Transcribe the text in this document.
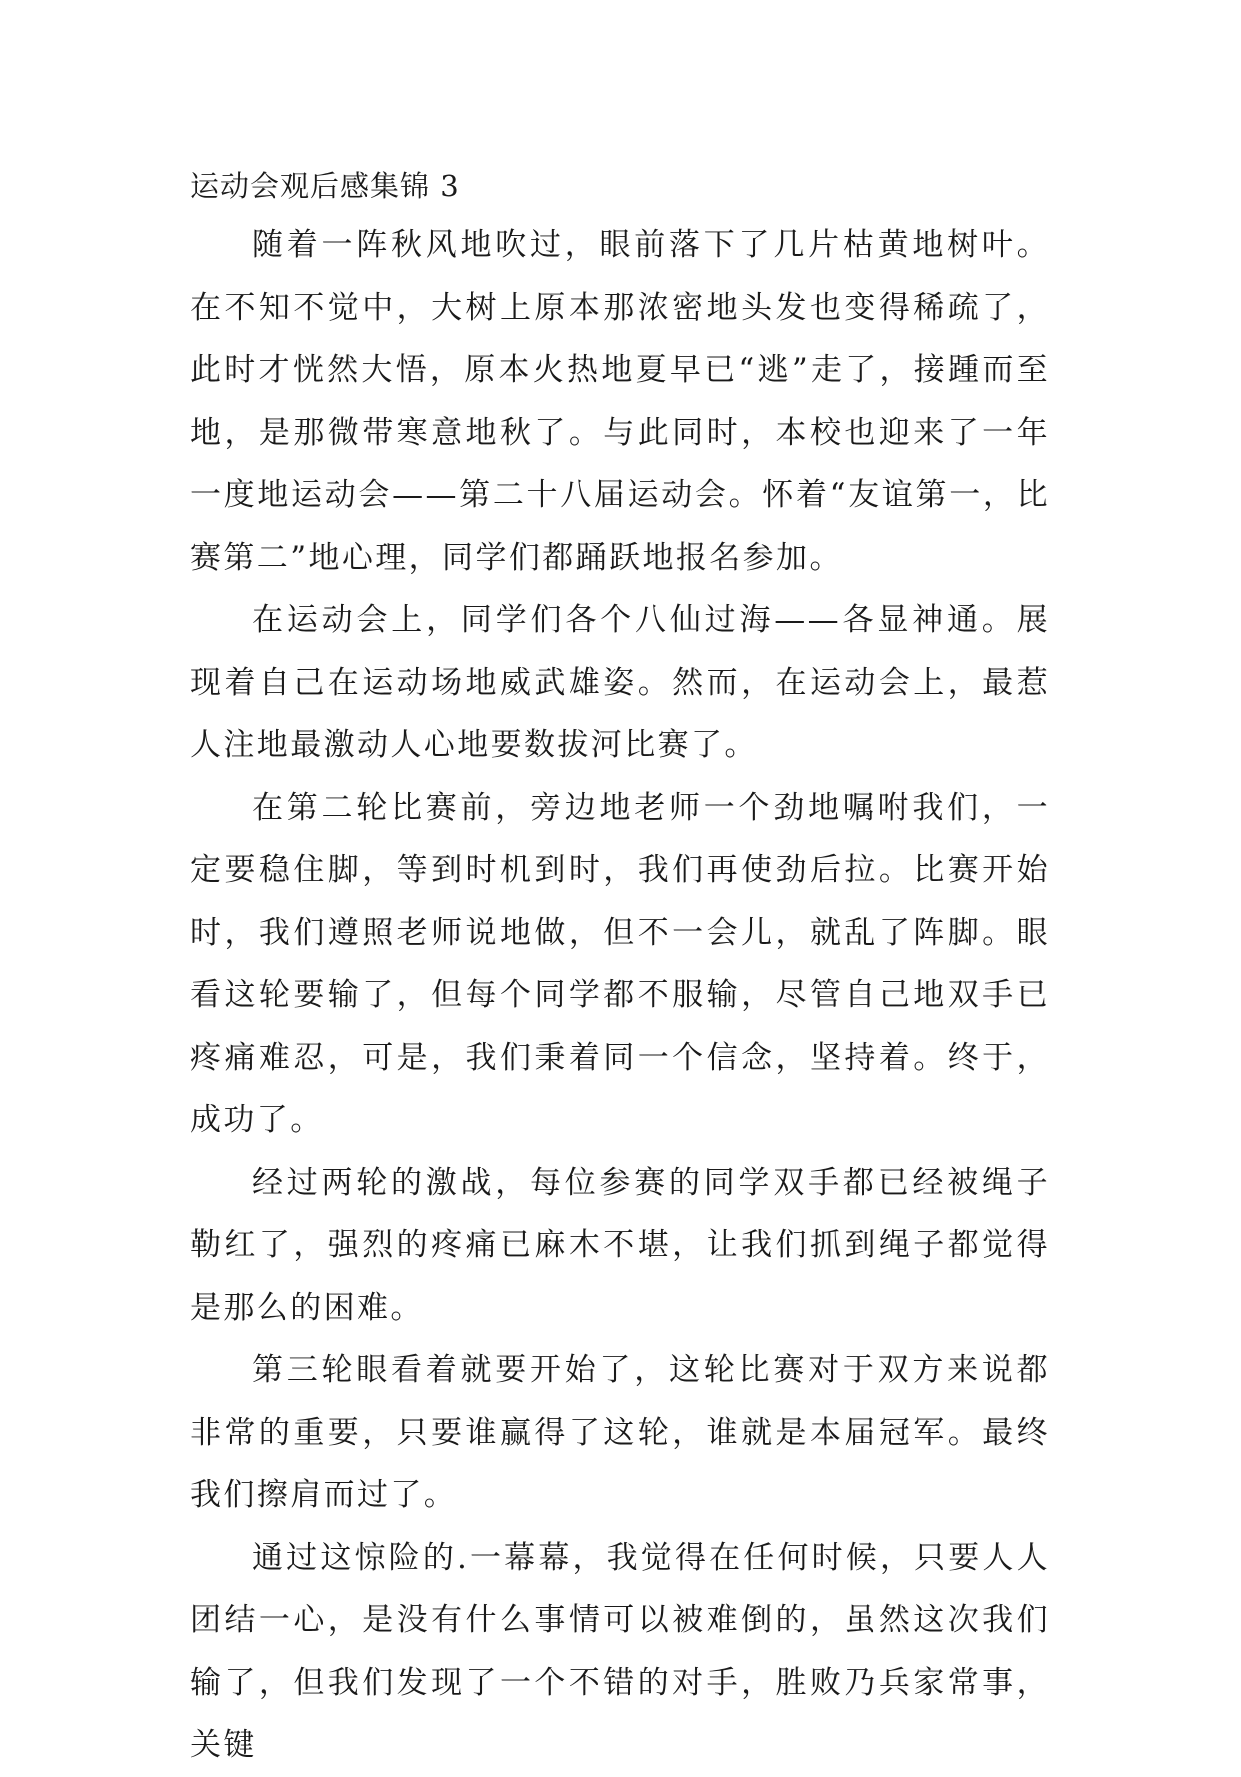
运动会观后感集锦 3

随着一阵秋风地吹过，眼前落下了几片枯黄地树叶。在不知不觉中，大树上原本那浓密地头发也变得稀疏了，此时才恍然大悟，原本火热地夏早已“逃”走了，接踵而至地，是那微带寒意地秋了。与此同时，本校也迎来了一年一度地运动会——第二十八届运动会。怀着“友谊第一，比赛第二”地心理，同学们都踊跃地报名参加。

在运动会上，同学们各个八仙过海——各显神通。展现着自己在运动场地威武雄姿。然而，在运动会上，最惹人注地最激动人心地要数拔河比赛了。

在第二轮比赛前，旁边地老师一个劲地嘱咐我们，一定要稳住脚，等到时机到时，我们再使劲后拉。比赛开始时，我们遵照老师说地做，但不一会儿，就乱了阵脚。眼看这轮要输了，但每个同学都不服输，尽管自己地双手已疼痛难忍，可是，我们秉着同一个信念，坚持着。终于，成功了。

经过两轮的激战，每位参赛的同学双手都已经被绳子勒红了，强烈的疼痛已麻木不堪，让我们抓到绳子都觉得是那么的困难。

第三轮眼看着就要开始了，这轮比赛对于双方来说都非常的重要，只要谁赢得了这轮，谁就是本届冠军。最终我们擦肩而过了。

通过这惊险的.一幕幕，我觉得在任何时候，只要人人团结一心，是没有什么事情可以被难倒的，虽然这次我们输了，但我们发现了一个不错的对手，胜败乃兵家常事，关键
